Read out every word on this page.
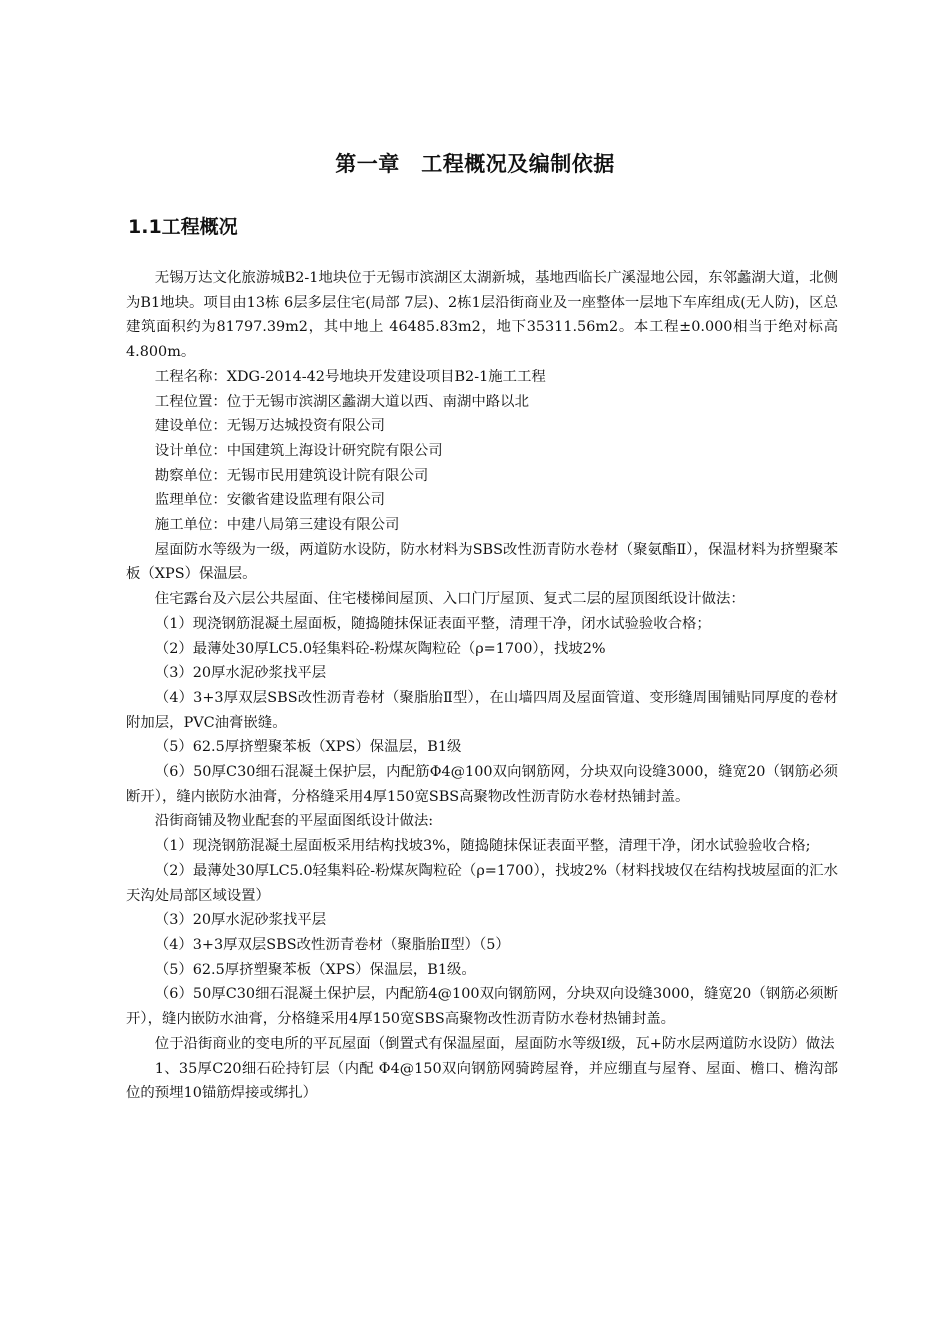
第一章　工程概况及编制依据
1.1工程概况

无锡万达文化旅游城B2-1地块位于无锡市滨湖区太湖新城，基地西临长广溪湿地公园，东邻蠡湖大道，北侧为B1地块。项目由13栋 6层多层住宅(局部 7层)、2栋1层沿街商业及一座整体一层地下车库组成(无人防)，区总建筑面积约为81797.39m2，其中地上 46485.83m2，地下35311.56m2。本工程±0.000相当于绝对标高4.800m。

工程名称：XDG-2014-42号地块开发建设项目B2-1施工工程

工程位置：位于无锡市滨湖区蠡湖大道以西、南湖中路以北

建设单位：无锡万达城投资有限公司

设计单位：中国建筑上海设计研究院有限公司

勘察单位：无锡市民用建筑设计院有限公司

监理单位：安徽省建设监理有限公司

施工单位：中建八局第三建设有限公司

屋面防水等级为一级，两道防水设防，防水材料为SBS改性沥青防水卷材（聚氨酯Ⅱ），保温材料为挤塑聚苯板（XPS）保温层。

住宅露台及六层公共屋面、住宅楼梯间屋顶、入口门厅屋顶、复式二层的屋顶图纸设计做法：

（1）现浇钢筋混凝土屋面板，随捣随抹保证表面平整，清理干净，闭水试验验收合格；

（2）最薄处30厚LC5.0轻集料砼-粉煤灰陶粒砼（ρ=1700），找坡2%

（3）20厚水泥砂浆找平层

（4）3+3厚双层SBS改性沥青卷材（聚脂胎Ⅱ型），在山墙四周及屋面管道、变形缝周围铺贴同厚度的卷材附加层，PVC油膏嵌缝。

（5）62.5厚挤塑聚苯板（XPS）保温层，B1级

（6）50厚C30细石混凝土保护层，内配筋Φ4@100双向钢筋网，分块双向设缝3000，缝宽20（钢筋必须断开），缝内嵌防水油膏，分格缝采用4厚150宽SBS高聚物改性沥青防水卷材热铺封盖。

沿街商铺及物业配套的平屋面图纸设计做法:

（1）现浇钢筋混凝土屋面板采用结构找坡3%，随捣随抹保证表面平整，清理干净，闭水试验验收合格;

（2）最薄处30厚LC5.0轻集料砼-粉煤灰陶粒砼（ρ=1700），找坡2%（材料找坡仅在结构找坡屋面的汇水天沟处局部区域设置）

（3）20厚水泥砂浆找平层

（4）3+3厚双层SBS改性沥青卷材（聚脂胎Ⅱ型）（5）

（5）62.5厚挤塑聚苯板（XPS）保温层，B1级。

（6）50厚C30细石混凝土保护层，内配筋4@100双向钢筋网，分块双向设缝3000，缝宽20（钢筋必须断开），缝内嵌防水油膏，分格缝采用4厚150宽SBS高聚物改性沥青防水卷材热铺封盖。

位于沿街商业的变电所的平瓦屋面（倒置式有保温屋面，屋面防水等级Ⅰ级，瓦+防水层两道防水设防）做法

1、35厚C20细石砼持钉层（内配 Φ4@150双向钢筋网骑跨屋脊，并应绷直与屋脊、屋面、檐口、檐沟部位的预埋10锚筋焊接或绑扎）
